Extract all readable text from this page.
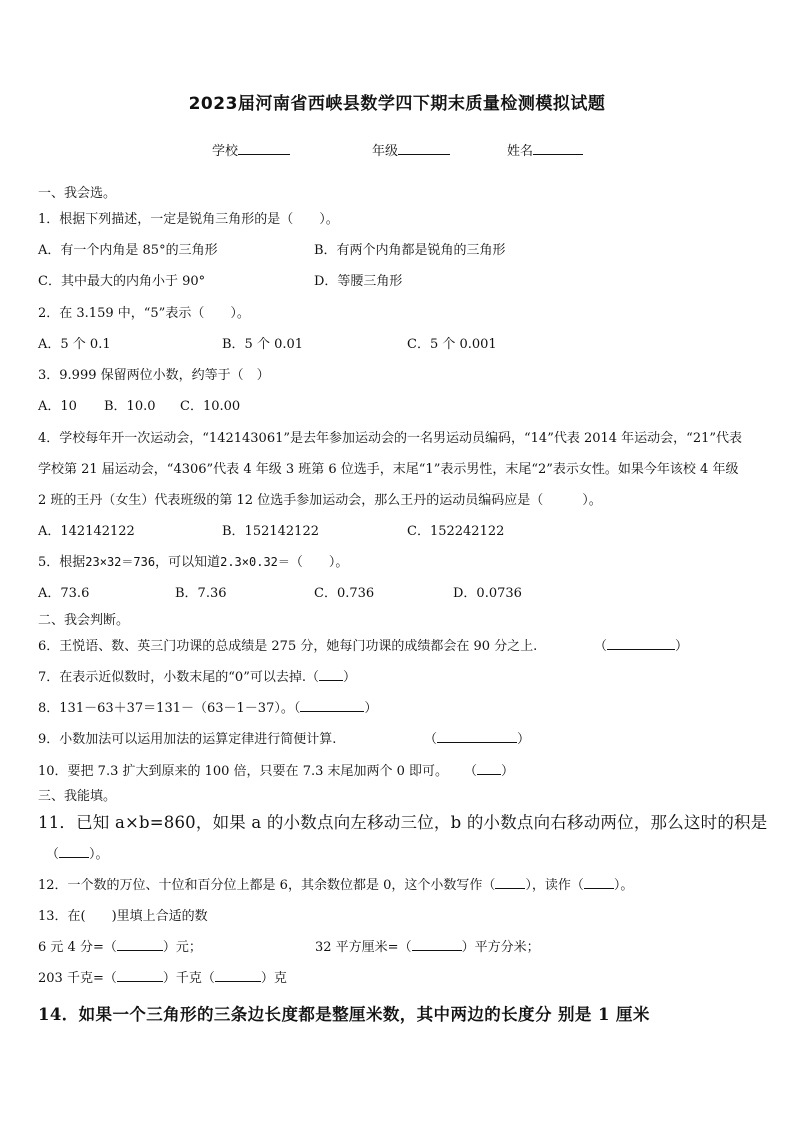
2023届河南省西峡县数学四下期末质量检测模拟试题
学校	年级	姓名
一、我会选。
1．根据下列描述，一定是锐角三角形的是（　　）。
A．有一个内角是 85°的三角形	B．有两个内角都是锐角的三角形
C．其中最大的内角小于 90°	D．等腰三角形
2．在 3.159 中，“5”表示（　　）。
A．5 个 0.1	B．5 个 0.01	C．5 个 0.001
3．9.999 保留两位小数，约等于（　）
A．10 B．10.0 C．10.00
4．学校每年开一次运动会，“142143061”是去年参加运动会的一名男运动员编码，“14”代表 2014 年运动会，“21”代表
学校第 21 届运动会，“4306”代表 4 年级 3 班第 6 位选手，末尾“1”表示男性，末尾“2”表示女性。如果今年该校 4 年级
2 班的王丹（女生）代表班级的第 12 位选手参加运动会，那么王丹的运动员编码应是（　　　）。
A．142142122	B．152142122	C．152242122
5．根据23×32＝736，可以知道2.3×0.32＝（　　）。
A．73.6	B．7.36	C．0.736	D．0.0736
二、我会判断。
6．王悦语、数、英三门功课的总成绩是 275 分，她每门功课的成绩都会在 90 分之上.	（	）
7．在表示近似数时，小数末尾的“0”可以去掉.（ ）
8．131－63＋37＝131－（63－1－37）。（	）
9．小数加法可以运用加法的运算定律进行简便计算.	（	）
10．要把 7.3 扩大到原来的 100 倍，只要在 7.3 末尾加两个 0 即可。 （ ）
三、我能填。
11．已知 a×b=860，如果 a 的小数点向左移动三位，b 的小数点向右移动两位，那么这时的积是
（ ）。
12．一个数的万位、十位和百分位上都是 6，其余数位都是 0，这个小数写作（ ），读作（ ）。
13．在(　　)里填上合适的数
6 元 4 分=（	）元；	32 平方厘米=（	）平方分米；
203 千克=（	）千克（	）克
14．如果一个三角形的三条边长度都是整厘米数，其中两边的长度分 别是 1 厘米
